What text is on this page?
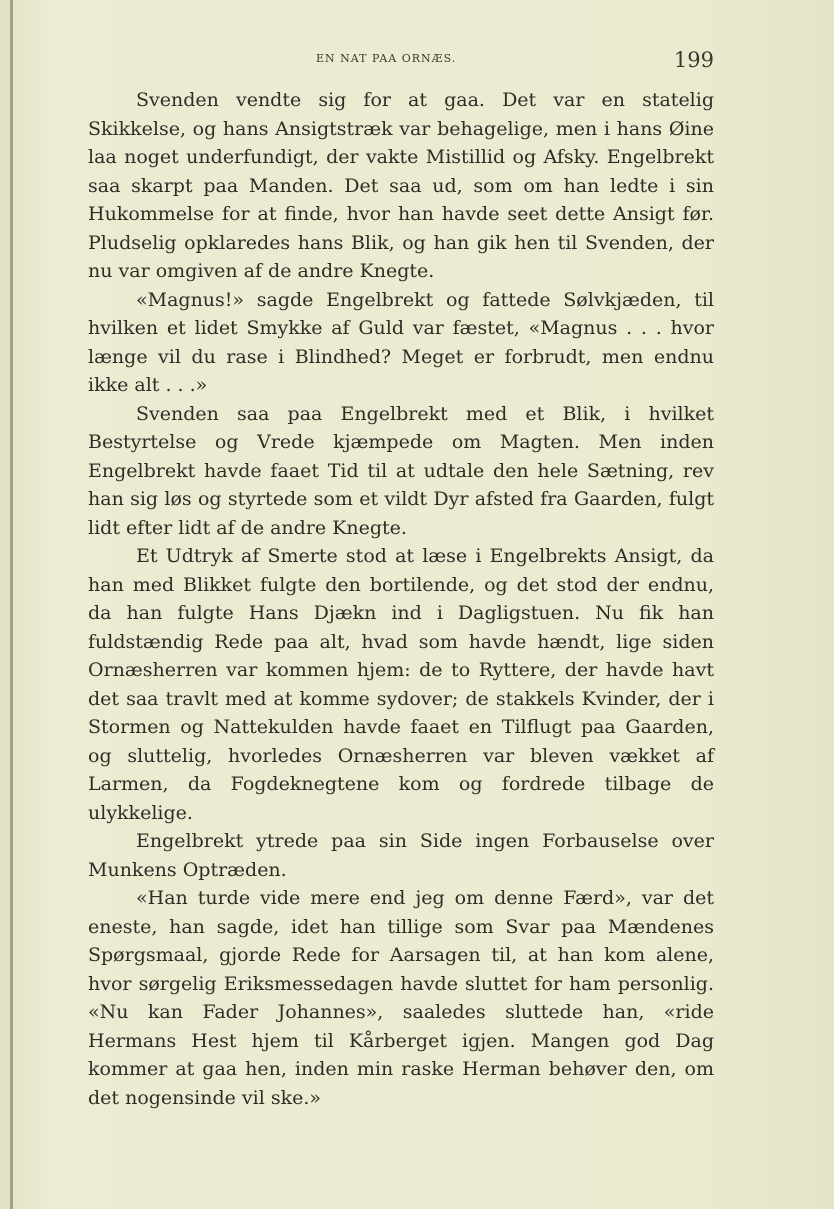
EN NAT PAA ORNÆS.	199

Svenden vendte sig for at gaa. Det var en statelig Skikkelse, og hans Ansigtstræk var behagelige, men i hans Øine laa noget underfundigt, der vakte Mistillid og Afsky. Engelbrekt saa skarpt paa Manden. Det saa ud, som om han ledte i sin Hukommelse for at finde, hvor han havde seet dette Ansigt før. Pludselig opklaredes hans Blik, og han gik hen til Svenden, der nu var omgiven af de andre Knegte.

«Magnus!» sagde Engelbrekt og fattede Sølvkjæden, til hvilken et lidet Smykke af Guld var fæstet, «Magnus . . . hvor længe vil du rase i Blindhed? Meget er forbrudt, men endnu ikke alt . . .»

Svenden saa paa Engelbrekt med et Blik, i hvilket Bestyrtelse og Vrede kjæmpede om Magten. Men inden Engelbrekt havde faaet Tid til at udtale den hele Sætning, rev han sig løs og styrtede som et vildt Dyr afsted fra Gaarden, fulgt lidt efter lidt af de andre Knegte.

Et Udtryk af Smerte stod at læse i Engelbrekts Ansigt, da han med Blikket fulgte den bortilende, og det stod der endnu, da han fulgte Hans Djækn ind i Dagligstuen. Nu fik han fuldstændig Rede paa alt, hvad som havde hændt, lige siden Ornæsherren var kommen hjem: de to Ryttere, der havde havt det saa travlt med at komme sydover; de stakkels Kvinder, der i Stormen og Nattekulden havde faaet en Tilflugt paa Gaarden, og sluttelig, hvorledes Ornæsherren var bleven vækket af Larmen, da Fogdeknegtene kom og fordrede tilbage de ulykkelige.

Engelbrekt ytrede paa sin Side ingen Forbauselse over Munkens Optræden.

«Han turde vide mere end jeg om denne Færd», var det eneste, han sagde, idet han tillige som Svar paa Mændenes Spørgsmaal, gjorde Rede for Aarsagen til, at han kom alene, hvor sørgelig Eriksmessedagen havde sluttet for ham personlig. «Nu kan Fader Johannes», saaledes sluttede han, «ride Hermans Hest hjem til Kårberget igjen. Mangen god Dag kommer at gaa hen, inden min raske Herman behøver den, om det nogensinde vil ske.»
